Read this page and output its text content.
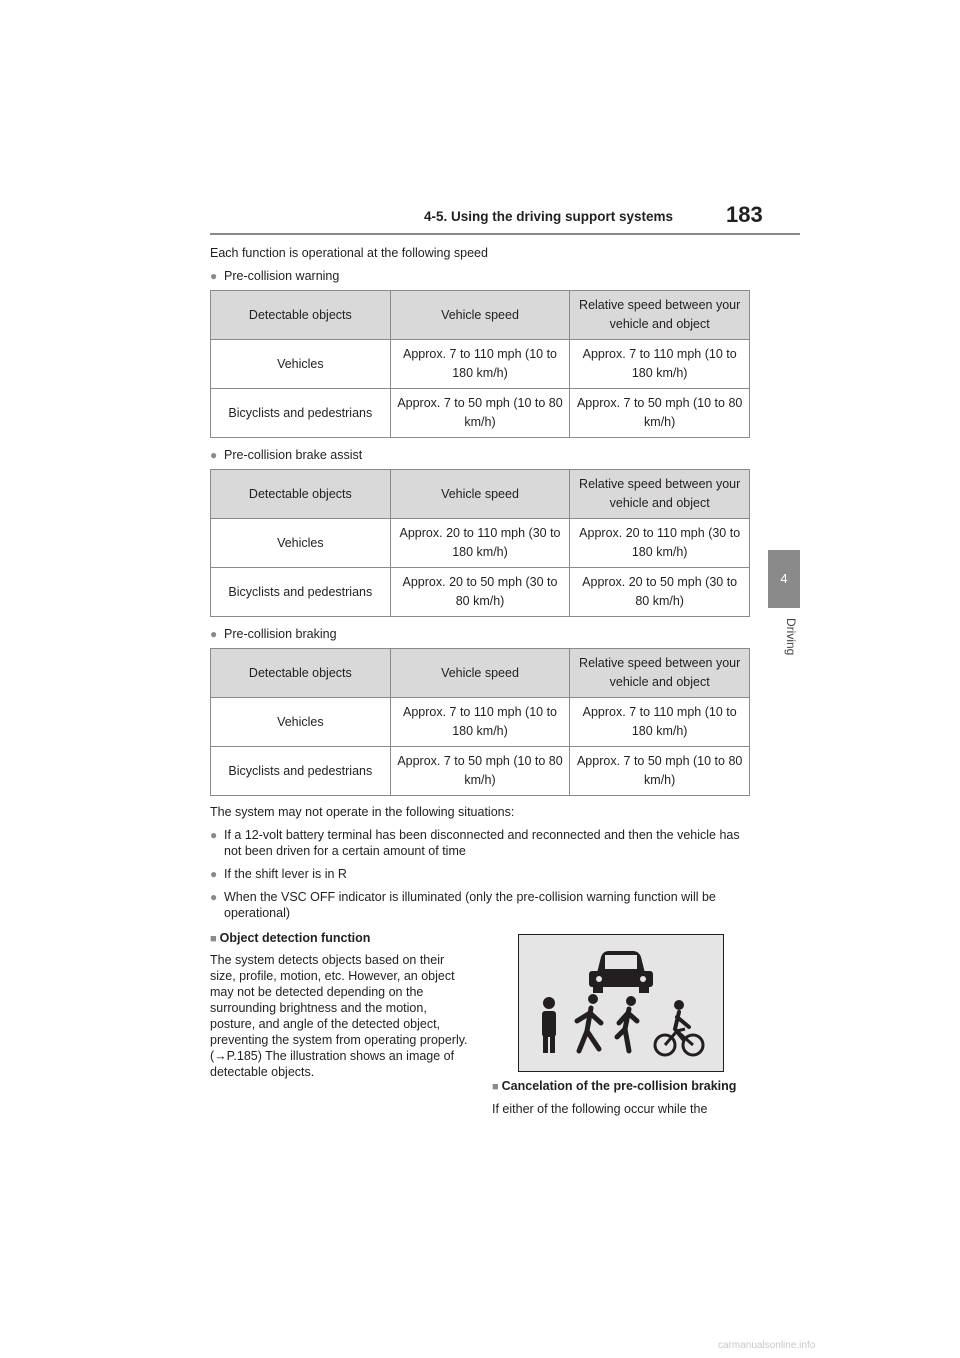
4-5. Using the driving support systems 183
4
Driving
Each function is operational at the following speed
● Pre-collision warning
Detectable objects	Vehicle speed	Relative speed between your vehicle and object
Vehicles	Approx. 7 to 110 mph (10 to 180 km/h)	Approx. 7 to 110 mph (10 to 180 km/h)
Bicyclists and pedestrians	Approx. 7 to 50 mph (10 to 80 km/h)	Approx. 7 to 50 mph (10 to 80 km/h)
● Pre-collision brake assist
Detectable objects	Vehicle speed	Relative speed between your vehicle and object
Vehicles	Approx. 20 to 110 mph (30 to 180 km/h)	Approx. 20 to 110 mph (30 to 180 km/h)
Bicyclists and pedestrians	Approx. 20 to 50 mph (30 to 80 km/h)	Approx. 20 to 50 mph (30 to 80 km/h)
● Pre-collision braking
Detectable objects	Vehicle speed	Relative speed between your vehicle and object
Vehicles	Approx. 7 to 110 mph (10 to 180 km/h)	Approx. 7 to 110 mph (10 to 180 km/h)
Bicyclists and pedestrians	Approx. 7 to 50 mph (10 to 80 km/h)	Approx. 7 to 50 mph (10 to 80 km/h)
The system may not operate in the following situations:
● If a 12-volt battery terminal has been disconnected and reconnected and then the vehicle has not been driven for a certain amount of time
● If the shift lever is in R
● When the VSC OFF indicator is illuminated (only the pre-collision warning function will be operational)
■ Object detection function
The system detects objects based on their size, profile, motion, etc. However, an object may not be detected depending on the surrounding brightness and the motion, posture, and angle of the detected object, preventing the system from operating properly. (→P.185) The illustration shows an image of detectable objects.
■ Cancelation of the pre-collision braking
If either of the following occur while the
carmanualsonline.info
